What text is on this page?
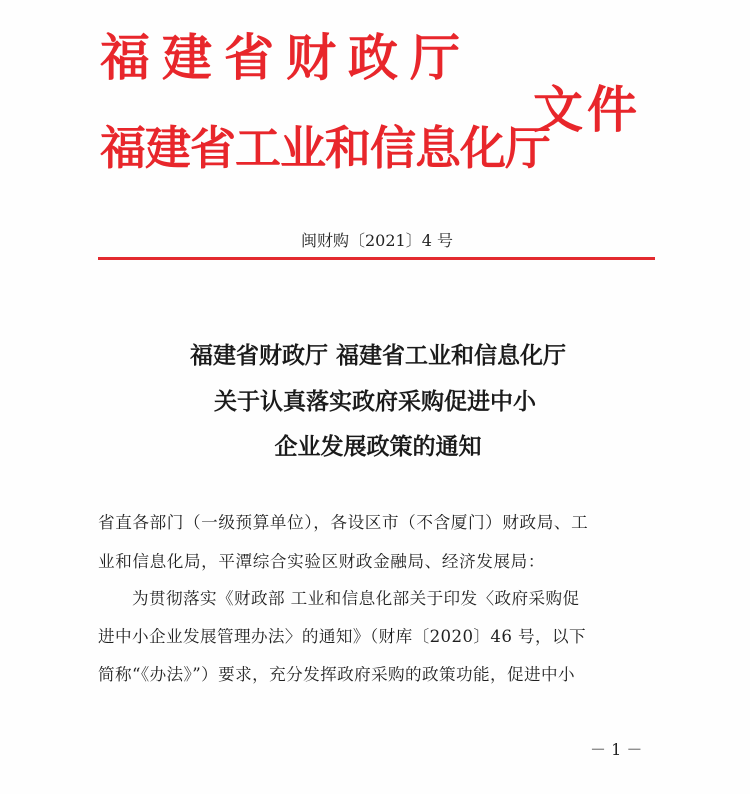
福建省财政厅
福建省工业和信息化厅
文件
闽财购〔2021〕4 号
福建省财政厅 福建省工业和信息化厅
关于认真落实政府采购促进中小
企业发展政策的通知
省直各部门（一级预算单位），各设区市（不含厦门）财政局、工
业和信息化局，平潭综合实验区财政金融局、经济发展局：
为贯彻落实《财政部 工业和信息化部关于印发〈政府采购促
进中小企业发展管理办法〉的通知》（财库〔2020〕46 号，以下
简称“《办法》”）要求，充分发挥政府采购的政策功能，促进中小
－ 1 －
